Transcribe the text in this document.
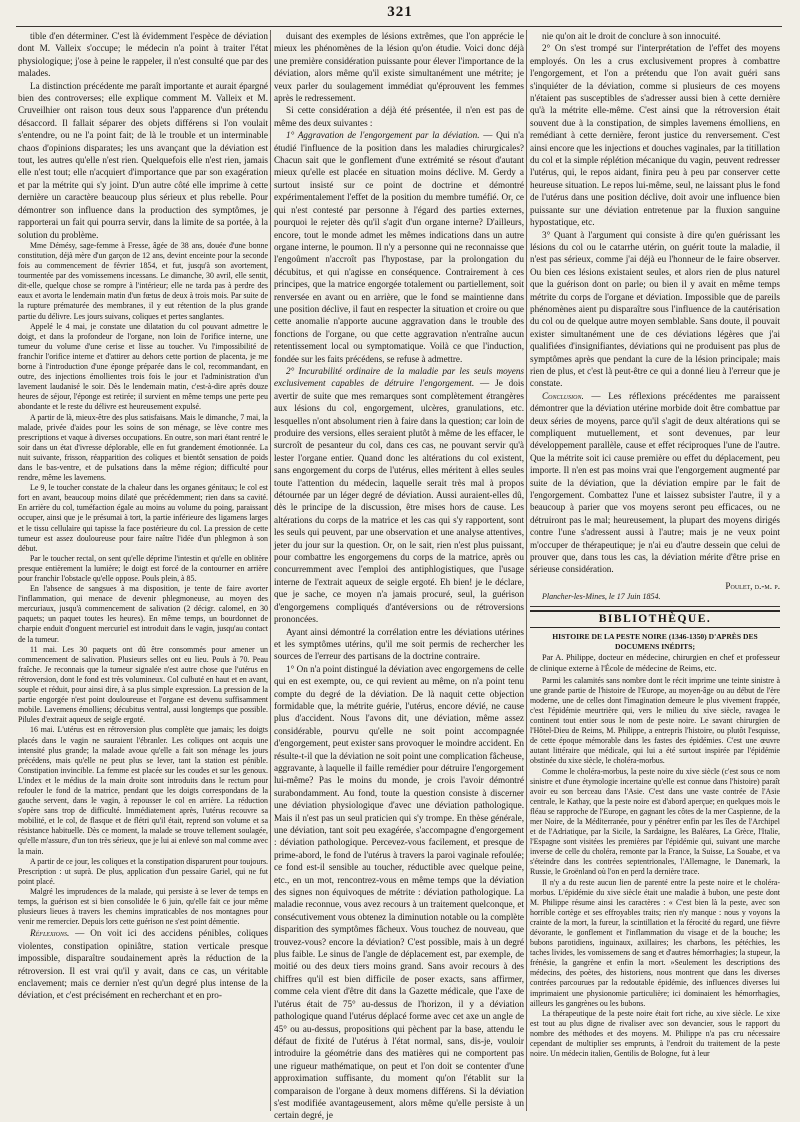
321

tible d'en déterminer. C'est là évidemment l'espèce de déviation dont M. Valleix s'occupe; le médecin n'a point à traiter l'état physiologique; j'ose à peine le rappeler, il n'est consulté que par des malades.

La distinction précédente me paraît importante et aurait épargné bien des controverses; elle explique comment M. Valleix et M. Cruveilhier ont raison tous deux sous l'apparence d'un prétendu désaccord. Il fallait séparer des objets différens si l'on voulait s'entendre, ou ne l'a point fait; de là le trouble et un interminable chaos d'opinions disparates; les uns avançant que la déviation est tout, les autres qu'elle n'est rien. Quelquefois elle n'est rien, jamais elle n'est tout; elle n'acquiert d'importance que par son exagération et par la métrite qui s'y joint. D'un autre côté elle imprime à cette dernière un caractère beaucoup plus sérieux et plus rebelle. Pour démontrer son influence dans la production des symptômes, je rapporterai un fait qui pourra servir, dans la limite de sa portée, à la solution du problème.

Mme Démésy, sage-femme à Fresse, âgée de 38 ans, douée d'une bonne constitution, déjà mère d'un garçon de 12 ans, devint enceinte pour la seconde fois au commencement de février 1854, et fut, jusqu'à son avortement, tourmentée par des vomissemens incessans. Le dimanche, 30 avril, elle sentit, dit-elle, quelque chose se rompre à l'intérieur; elle ne tarda pas à perdre des eaux et avorta le lendemain matin d'un fœtus de deux à trois mois. Par suite de la rupture prématurée des membranes, il y eut rétention de la plus grande partie du délivre. Les jours suivans, coliques et pertes sanglantes.

Appelé le 4 mai, je constate une dilatation du col pouvant admettre le doigt, et dans la profondeur de l'organe, non loin de l'orifice interne, une tumeur du volume d'une cerise et lisse au toucher. Vu l'impossibilité de franchir l'orifice interne et d'attirer au dehors cette portion de placenta, je me borne à l'introduction d'une éponge préparée dans le col, recommandant, en outre, des injections émollientes trois fois le jour et l'administration d'un lavement laudanisé le soir. Dès le lendemain matin, c'est-à-dire après douze heures de séjour, l'éponge est retirée; il survient en même temps une perte peu abondante et le reste du délivre est heureusement expulsé.

A partir de là, mieux-être des plus satisfaisans. Mais le dimanche, 7 mai, la malade, privée d'aides pour les soins de son ménage, se lève contre mes prescriptions et vaque à diverses occupations. En outre, son mari étant rentré le soir dans un état d'ivresse déplorable, elle en fut grandement émotionnée. La nuit suivante, frisson, réapparition des coliques et bientôt sensation de poids dans le bas-ventre, et de pulsations dans la même région; difficulté pour rendre, même les lavemens.

Le 9, le toucher constate de la chaleur dans les organes génitaux; le col est fort en avant, beaucoup moins dilaté que précédemment; rien dans sa cavité. En arrière du col, tuméfaction égale au moins au volume du poing, paraissant occuper, ainsi que je le présumai à tort, la partie inférieure des ligamens larges et le tissu cellulaire qui tapisse la face postérieure du col. La pression de cette tumeur est assez douloureuse pour faire naître l'idée d'un phlegmon à son début.

Par le toucher rectal, on sent qu'elle déprime l'intestin et qu'elle en oblitère presque entièrement la lumière; le doigt est forcé de la contourner en arrière pour franchir l'obstacle qu'elle oppose. Pouls plein, à 85.

En l'absence de sangsues à ma disposition, je tente de faire avorter l'inflammation, qui menace de devenir phlegmoneuse, au moyen des mercuriaux, jusqu'à commencement de salivation (2 décigr. calomel, en 30 paquets; un paquet toutes les heures). En même temps, un bourdonnet de charpie enduit d'onguent mercuriel est introduit dans le vagin, jusqu'au contact de la tumeur.

11 mai. Les 30 paquets ont dû être consommés pour amener un commencement de salivation. Plusieurs selles ont eu lieu. Pouls à 70. Peau fraîche. Je reconnais que la tumeur signalée n'est autre chose que l'utérus en rétroversion, dont le fond est très volumineux. Col culbuté en haut et en avant, souple et réduit, pour ainsi dire, à sa plus simple expression. La pression de la partie engorgée n'est point douloureuse et l'organe est devenu suffisamment mobile. Lavemens émolliens; décubitus ventral, aussi longtemps que possible. Pilules d'extrait aqueux de seigle ergoté.

16 mai. L'utérus est en rétroversion plus complète que jamais; les doigts placés dans le vagin ne sauraient l'ébranler. Les coliques ont acquis une intensité plus grande; la malade avoue qu'elle a fait son ménage les jours précédens, mais qu'elle ne peut plus se lever, tant la station est pénible. Constipation invincible. La femme est placée sur les coudes et sur les genoux. L'index et le médius de la main droite sont introduits dans le rectum pour refouler le fond de la matrice, pendant que les doigts correspondans de la gauche servent, dans le vagin, à repousser le col en arrière. La réduction s'opère sans trop de difficulté. Immédiatement après, l'utérus recouvre sa mobilité, et le col, de flasque et de flétri qu'il était, reprend son volume et sa résistance habituelle. Dès ce moment, la malade se trouve tellement soulagée, qu'elle m'assure, d'un ton très sérieux, que je lui ai enlevé son mal comme avec la main.

A partir de ce jour, les coliques et la constipation disparurent pour toujours. Prescription : ut suprà. De plus, application d'un pessaire Gariel, qui ne fut point placé.

Malgré les imprudences de la malade, qui persiste à se lever de temps en temps, la guérison est si bien consolidée le 6 juin, qu'elle fait ce jour même plusieurs lieues à travers les chemins impraticables de nos montagnes pour venir me remercier. Depuis lors cette guérison ne s'est point démentie.

Réflexions. — On voit ici des accidens pénibles, coliques violentes, constipation opiniâtre, station verticale presque impossible, disparaître soudainement après la réduction de la rétroversion. Il est vrai qu'il y avait, dans ce cas, un véritable enclavement; mais ce dernier n'est qu'un degré plus intense de la déviation, et c'est précisément en recherchant et en pro-

duisant des exemples de lésions extrêmes, que l'on apprécie le mieux les phénomènes de la lésion qu'on étudie. Voici donc déjà une première considération puissante pour élever l'importance de la déviation, alors même qu'il existe simultanément une métrite; je veux parler du soulagement immédiat qu'éprouvent les femmes après le redressement.

Si cette considération a déjà été présentée, il n'en est pas de même des deux suivantes :

1° Aggravation de l'engorgement par la déviation. — Qui n'a étudié l'influence de la position dans les maladies chirurgicales? Chacun sait que le gonflement d'une extrémité se résout d'autant mieux qu'elle est placée en situation moins déclive. M. Gerdy a surtout insisté sur ce point de doctrine et démontré expérimentalement l'effet de la position du membre tuméfié. Or, ce qui n'est contesté par personne à l'égard des parties externes, pourquoi le rejeter dès qu'il s'agit d'un organe interne? D'ailleurs, encore, tout le monde admet les mêmes indications dans un autre organe interne, le poumon. Il n'y a personne qui ne reconnaisse que l'engoûment n'accroît pas l'hypostase, par la prolongation du décubitus, et qui n'agisse en conséquence. Contrairement à ces principes, que la matrice engorgée totalement ou partiellement, soit renversée en avant ou en arrière, que le fond se maintienne dans une position déclive, il faut en respecter la situation et croire ou que cette anomalie n'apporte aucune aggravation dans le trouble des fonctions de l'organe, ou que cette aggravation n'entraîne aucun retentissement local ou symptomatique. Voilà ce que l'induction, fondée sur les faits précédens, se refuse à admettre.

2° Incurabilité ordinaire de la maladie par les seuls moyens exclusivement capables de détruire l'engorgement. — Je dois avertir de suite que mes remarques sont complètement étrangères aux lésions du col, engorgement, ulcères, granulations, etc. lesquelles n'ont absolument rien à faire dans la question; car loin de produire des versions, elles seraient plutôt à même de les effacer, le surcroît de pesanteur du col, dans ces cas, ne pouvant servir qu'à lester l'organe entier. Quand donc les altérations du col existent, sans engorgement du corps de l'utérus, elles méritent à elles seules toute l'attention du médecin, laquelle serait très mal à propos détournée par un léger degré de déviation. Aussi auraient-elles dû, dès le principe de la discussion, être mises hors de cause. Les altérations du corps de la matrice et les cas qui s'y rapportent, sont les seuls qui peuvent, par une observation et une analyse attentives, jeter du jour sur la question. Or, on le sait, rien n'est plus puissant, pour combattre les engorgemens du corps de la matrice, après ou concurremment avec l'emploi des antiphlogistiques, que l'usage interne de l'extrait aqueux de seigle ergoté. Eh bien! je le déclare, que je sache, ce moyen n'a jamais procuré, seul, la guérison d'engorgemens compliqués d'antéversions ou de rétroversions prononcées.

Ayant ainsi démontré la corrélation entre les déviations utérines et les symptômes utérins, qu'il me soit permis de rechercher les sources de l'erreur des partisans de la doctrine contraire.

1° On n'a point distingué la déviation avec engorgemens de celle qui en est exempte, ou, ce qui revient au même, on n'a point tenu compte du degré de la déviation. De là naquit cette objection formidable que, la métrite guérie, l'utérus, encore dévié, ne cause plus d'accident. Nous l'avons dit, une déviation, même assez considérable, pourvu qu'elle ne soit point accompagnée d'engorgement, peut exister sans provoquer le moindre accident. En résulte-t-il que la déviation ne soit point une complication fâcheuse, aggravante, à laquelle il faille remédier pour détruire l'engorgement lui-même? Pas le moins du monde, je crois l'avoir démontré surabondamment. Au fond, toute la question consiste à discerner une déviation physiologique d'avec une déviation pathologique. Mais il n'est pas un seul praticien qui s'y trompe. En thèse générale, une déviation, tant soit peu exagérée, s'accompagne d'engorgement : déviation pathologique. Percevez-vous facilement, et presque de prime-abord, le fond de l'utérus à travers la paroi vaginale refoulée; ce fond est-il sensible au toucher, réductible avec quelque peine, etc., en un mot, rencontrez-vous en même temps que la déviation des signes non équivoques de métrite : déviation pathologique. La maladie reconnue, vous avez recours à un traitement quelconque, et consécutivement vous obtenez la diminution notable ou la complète disparition des symptômes fâcheux. Vous touchez de nouveau, que trouvez-vous? encore la déviation? C'est possible, mais à un degré plus faible. Le sinus de l'angle de déplacement est, par exemple, de moitié ou des deux tiers moins grand. Sans avoir recours à des chiffres qu'il est bien difficile de poser exacts, sans affirmer, comme cela vient d'être dit dans la Gazette médicale, que l'axe de l'utérus était de 75° au-dessus de l'horizon, il y a déviation pathologique quand l'utérus déplacé forme avec cet axe un angle de 45° ou au-dessus, propositions qui pèchent par la base, attendu le défaut de fixité de l'utérus à l'état normal, sans, dis-je, vouloir introduire la géométrie dans des matières qui ne comportent pas une rigueur mathématique, on peut et l'on doit se contenter d'une approximation suffisante, du moment qu'on l'établit sur la comparaison de l'organe à deux momens différens. Si la déviation s'est modifiée avantageusement, alors même qu'elle persiste à un certain degré, je

nie qu'on ait le droit de conclure à son innocuité.

2° On s'est trompé sur l'interprétation de l'effet des moyens employés. On les a crus exclusivement propres à combattre l'engorgement, et l'on a prétendu que l'on avait guéri sans s'inquiéter de la déviation, comme si plusieurs de ces moyens n'étaient pas susceptibles de s'adresser aussi bien à cette dernière qu'à la métrite elle-même. C'est ainsi que la rétroversion était souvent due à la constipation, de simples lavemens émolliens, en remédiant à cette dernière, feront justice du renversement. C'est ainsi encore que les injections et douches vaginales, par la titillation du col et la simple réplétion mécanique du vagin, peuvent redresser l'utérus, qui, le repos aidant, finira peu à peu par conserver cette heureuse situation. Le repos lui-même, seul, ne laissant plus le fond de l'utérus dans une position déclive, doit avoir une influence bien puissante sur une déviation entretenue par la fluxion sanguine hypostatique, etc.

3° Quant à l'argument qui consiste à dire qu'en guérissant les lésions du col ou le catarrhe utérin, on guérit toute la maladie, il n'est pas sérieux, comme j'ai déjà eu l'honneur de le faire observer. Ou bien ces lésions existaient seules, et alors rien de plus naturel que la guérison dont on parle; ou bien il y avait en même temps métrite du corps de l'organe et déviation. Impossible que de pareils phénomènes aient pu disparaître sous l'influence de la cautérisation du col ou de quelque autre moyen semblable. Sans doute, il pouvait exister simultanément une de ces déviations légères que j'ai qualifiées d'insignifiantes, déviations qui ne produisent pas plus de symptômes après que pendant la cure de la lésion principale; mais rien de plus, et c'est là peut-être ce qui a donné lieu à l'erreur que je constate.

Conclusion. — Les réflexions précédentes me paraissent démontrer que la déviation utérine morbide doit être combattue par deux séries de moyens, parce qu'il s'agit de deux altérations qui se compliquent mutuellement, et sont devenues, par leur développement parallèle, cause et effet réciproques l'une de l'autre. Que la métrite soit ici cause première ou effet du déplacement, peu importe. Il n'en est pas moins vrai que l'engorgement augmenté par suite de la déviation, que la déviation empire par le fait de l'engorgement. Combattez l'une et laissez subsister l'autre, il y a beaucoup à parier que vos moyens seront peu efficaces, ou ne détruiront pas le mal; heureusement, la plupart des moyens dirigés contre l'une s'adressent aussi à l'autre; mais je ne veux point m'occuper de thérapeutique; je n'ai eu d'autre dessein que celui de prouver que, dans tous les cas, la déviation mérite d'être prise en sérieuse considération.

Poulet, d.-m. p.
Plancher-les-Mines, le 17 Juin 1854.
BIBLIOTHÈQUE.
HISTOIRE DE LA PESTE NOIRE (1346-1350) D'APRÈS DES DOCUMENS INÉDITS;

Par A. Philippe, docteur en médecine, chirurgien en chef et professeur de clinique externe à l'École de médecine de Reims, etc.

Parmi les calamités sans nombre dont le récit imprime une teinte sinistre à une grande partie de l'histoire de l'Europe, au moyen-âge ou au début de l'ère moderne, une de celles dont l'imagination demeure le plus vivement frappée, c'est l'épidémie meurtrière qui, vers le milieu du xive siècle, ravagea le continent tout entier sous le nom de peste noire. Le savant chirurgien de l'Hôtel-Dieu de Reims, M. Philippe, a entrepris l'histoire, ou plutôt l'esquisse, de cette époque mémorable dans les fastes des épidémies. C'est une œuvre autant littéraire que médicale, qui lui a été surtout inspirée par l'épidémie obstinée du xixe siècle, le choléra-morbus.

Comme le choléra-morbus, la peste noire du xive siècle (c'est sous ce nom sinistre et d'une étymologie incertaine qu'elle est connue dans l'histoire) paraît avoir eu son berceau dans l'Asie. C'est dans une vaste contrée de l'Asie centrale, le Kathay, que la peste noire est d'abord aperçue; en quelques mois le fléau se rapproche de l'Europe, en gagnant les côtes de la mer Caspienne, de la mer Noire, de la Méditerranée, pour y pénétrer enfin par les îles de l'Archipel et de l'Adriatique, par la Sicile, la Sardaigne, les Baléares, La Grèce, l'Italie, l'Espagne sont visitées les premières par l'épidémie qui, suivant une marche inverse de celle du choléra, remonte par la France, la Suisse, La Souabe, et va s'éteindre dans les contrées septentrionales, l'Allemagne, le Danemark, la Russie, le Groënland où l'on en perd la dernière trace.

Il n'y a du reste aucun lien de parenté entre la peste noire et le choléra-morbus. L'épidémie du xive siècle était une maladie à bubon, une peste dont M. Philippe résume ainsi les caractères : « C'est bien là la peste, avec son horrible cortège et ses effroyables traits; rien n'y manque : nous y voyons la crainte de la mort, la fureur, la scintillation et la férocité du regard, une fièvre dévorante, le gonflement et l'inflammation du visage et de la bouche; les bubons parotidiens, inguinaux, axillaires; les charbons, les pétéchies, les taches livides, les vomissemens de sang et d'autres hémorrhagies; la stupeur, la frénésie, la gangrène et enfin la mort. »Seulement les descriptions des médecins, des poètes, des historiens, nous montrent que dans les diverses contrées parcourues par la redoutable épidémie, des influences diverses lui imprimaient une physionomie particulière; ici dominaient les hémorrhagies, ailleurs les gangrènes ou les bubons.

La thérapeutique de la peste noire était fort riche, au xive siècle. Le xixe est tout au plus digne de rivaliser avec son devancier, sous le rapport du nombre des méthodes et des moyens. M. Philippe n'a pas cru nécessaire cependant de multiplier ses emprunts, à l'endroit du traitement de la peste noire. Un médecin italien, Gentilis de Bologne, fut à leur
